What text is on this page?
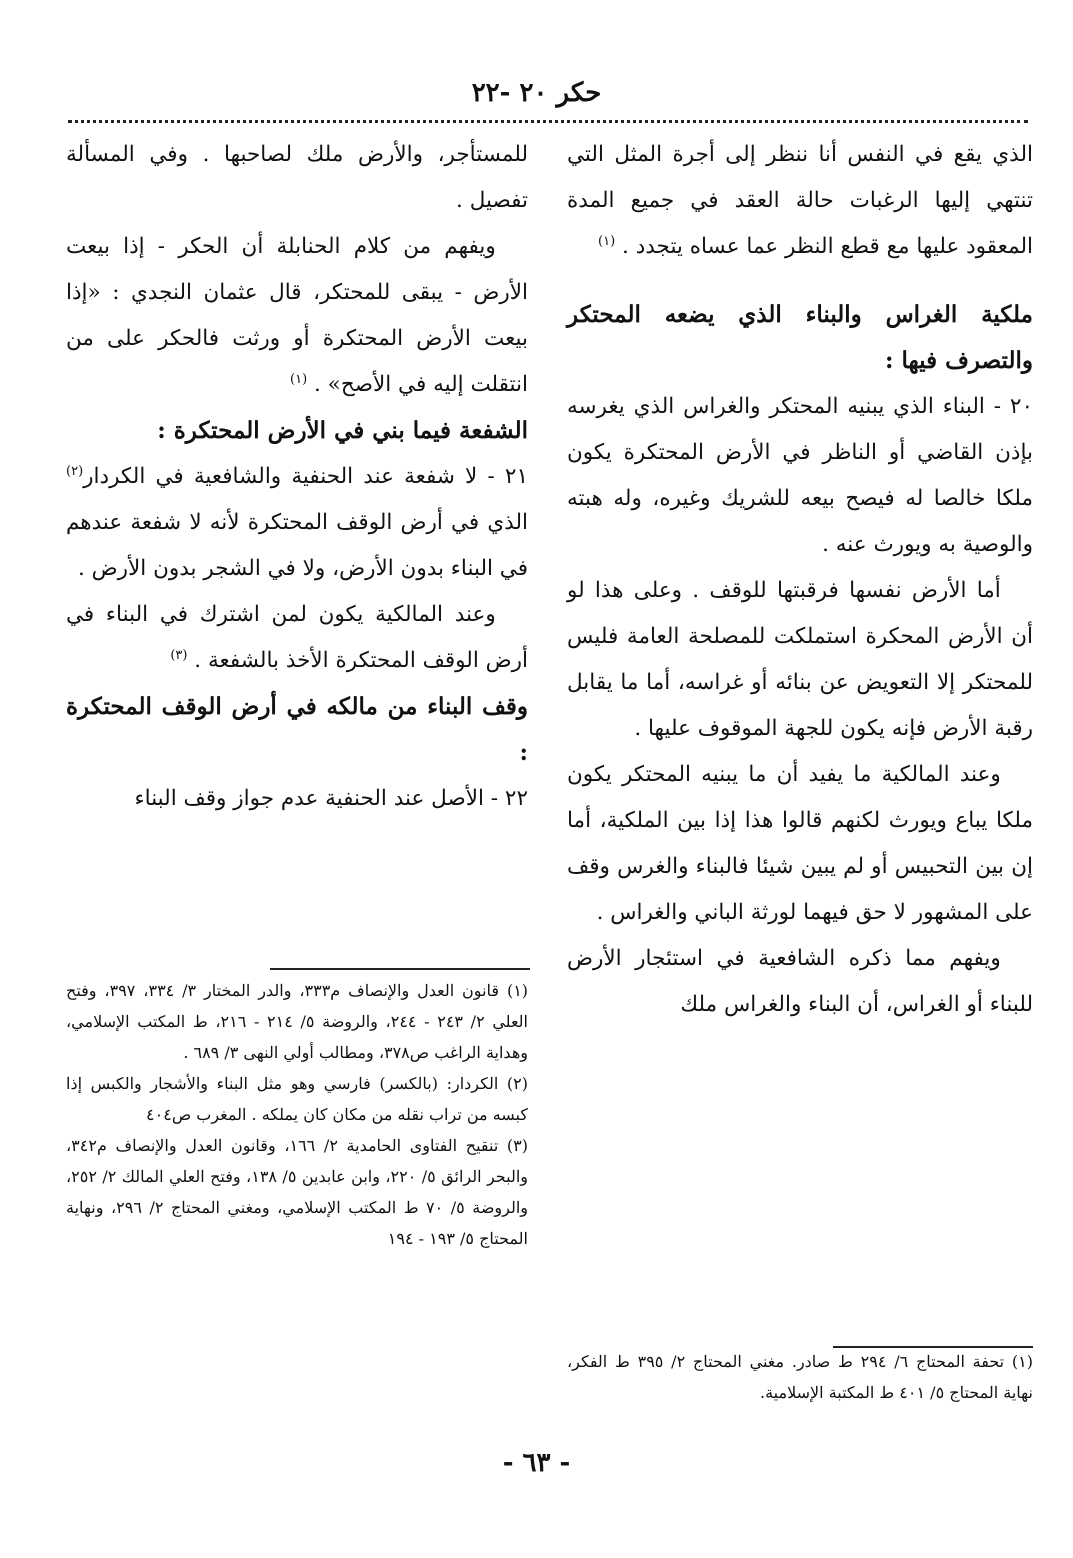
حكر ٢٠ -٢٢

الذي يقع في النفس أنا ننظر إلى أجرة المثل التي تنتهي إليها الرغبات حالة العقد في جميع المدة المعقود عليها مع قطع النظر عما عساه يتجدد . $^{(١)}$

ملكية الغراس والبناء الذي يضعه المحتكر والتصرف فيها :

٢٠ - البناء الذي يبنيه المحتكر والغراس الذي يغرسه بإذن القاضي أو الناظر في الأرض المحتكرة يكون ملكا خالصا له فيصح بيعه للشريك وغيره، وله هبته والوصية به ويورث عنه .

أما الأرض نفسها فرقبتها للوقف . وعلى هذا لو أن الأرض المحكرة استملكت للمصلحة العامة فليس للمحتكر إلا التعويض عن بنائه أو غراسه، أما ما يقابل رقبة الأرض فإنه يكون للجهة الموقوف عليها .

وعند المالكية ما يفيد أن ما يبنيه المحتكر يكون ملكا يباع ويورث لكنهم قالوا هذا إذا بين الملكية، أما إن بين التحبيس أو لم يبين شيئا فالبناء والغرس وقف على المشهور لا حق فيهما لورثة الباني والغراس .

ويفهم مما ذكره الشافعية في استئجار الأرض للبناء أو الغراس، أن البناء والغراس ملك

للمستأجر، والأرض ملك لصاحبها . وفي المسألة تفصيل .

ويفهم من كلام الحنابلة أن الحكر - إذا بيعت الأرض - يبقى للمحتكر، قال عثمان النجدي : «إذا بيعت الأرض المحتكرة أو ورثت فالحكر على من انتقلت إليه في الأصح» . $^{(١)}$

الشفعة فيما بني في الأرض المحتكرة :

٢١ - لا شفعة عند الحنفية والشافعية في الكردار$^{(٢)}$ الذي في أرض الوقف المحتكرة لأنه لا شفعة عندهم في البناء بدون الأرض، ولا في الشجر بدون الأرض .

وعند المالكية يكون لمن اشترك في البناء في أرض الوقف المحتكرة الأخذ بالشفعة . $^{(٣)}$

وقف البناء من مالكه في أرض الوقف المحتكرة :

٢٢ - الأصل عند الحنفية عدم جواز وقف البناء

(١) تحفة المحتاج ٦/ ٢٩٤ ط صادر. مغني المحتاج ٢/ ٣٩٥ ط الفكر، نهاية المحتاج ٥/ ٤٠١ ط المكتبة الإسلامية.

(١) قانون العدل والإنصاف م٣٣٣، والدر المختار ٣/ ٣٣٤، ٣٩٧، وفتح العلي ٢/ ٢٤٣ - ٢٤٤، والروضة ٥/ ٢١٤ - ٢١٦، ط المكتب الإسلامي، وهداية الراغب ص٣٧٨، ومطالب أولي النهى ٣/ ٦٨٩ .

(٢) الكردار: (بالكسر) فارسي وهو مثل البناء والأشجار والكبس إذا كبسه من تراب نقله من مكان كان يملكه . المغرب ص٤٠٤

(٣) تنقيح الفتاوى الحامدية ٢/ ١٦٦، وقانون العدل والإنصاف م٣٤٢، والبحر الرائق ٥/ ٢٢٠، وابن عابدين ٥/ ١٣٨، وفتح العلي المالك ٢/ ٢٥٢، والروضة ٥/ ٧٠ ط المكتب الإسلامي، ومغني المحتاج ٢/ ٢٩٦، ونهاية المحتاج ٥/ ١٩٣ - ١٩٤

- ٦٣ -
